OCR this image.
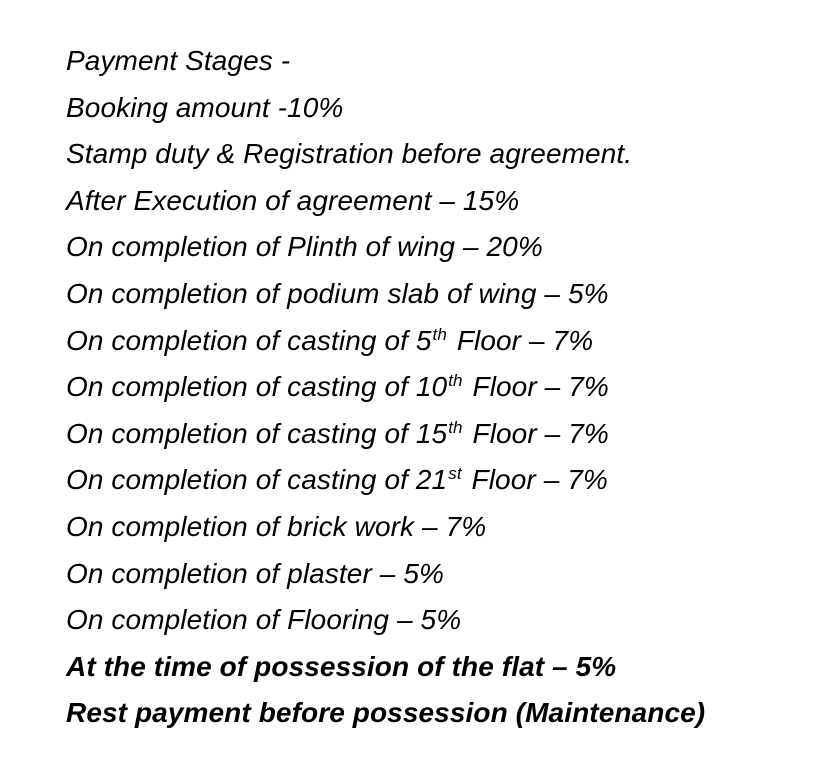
Payment Stages -
Booking amount -10%
Stamp duty & Registration before agreement.
After Execution of agreement – 15%
On completion of Plinth of wing – 20%
On completion of podium slab of wing – 5%
On completion of casting of 5th Floor – 7%
On completion of casting of 10th Floor – 7%
On completion of casting of 15th Floor – 7%
On completion of casting of 21st Floor – 7%
On completion of brick work – 7%
On completion of plaster – 5%
On completion of Flooring – 5%
At the time of possession of the flat – 5%
Rest payment before possession (Maintenance)
